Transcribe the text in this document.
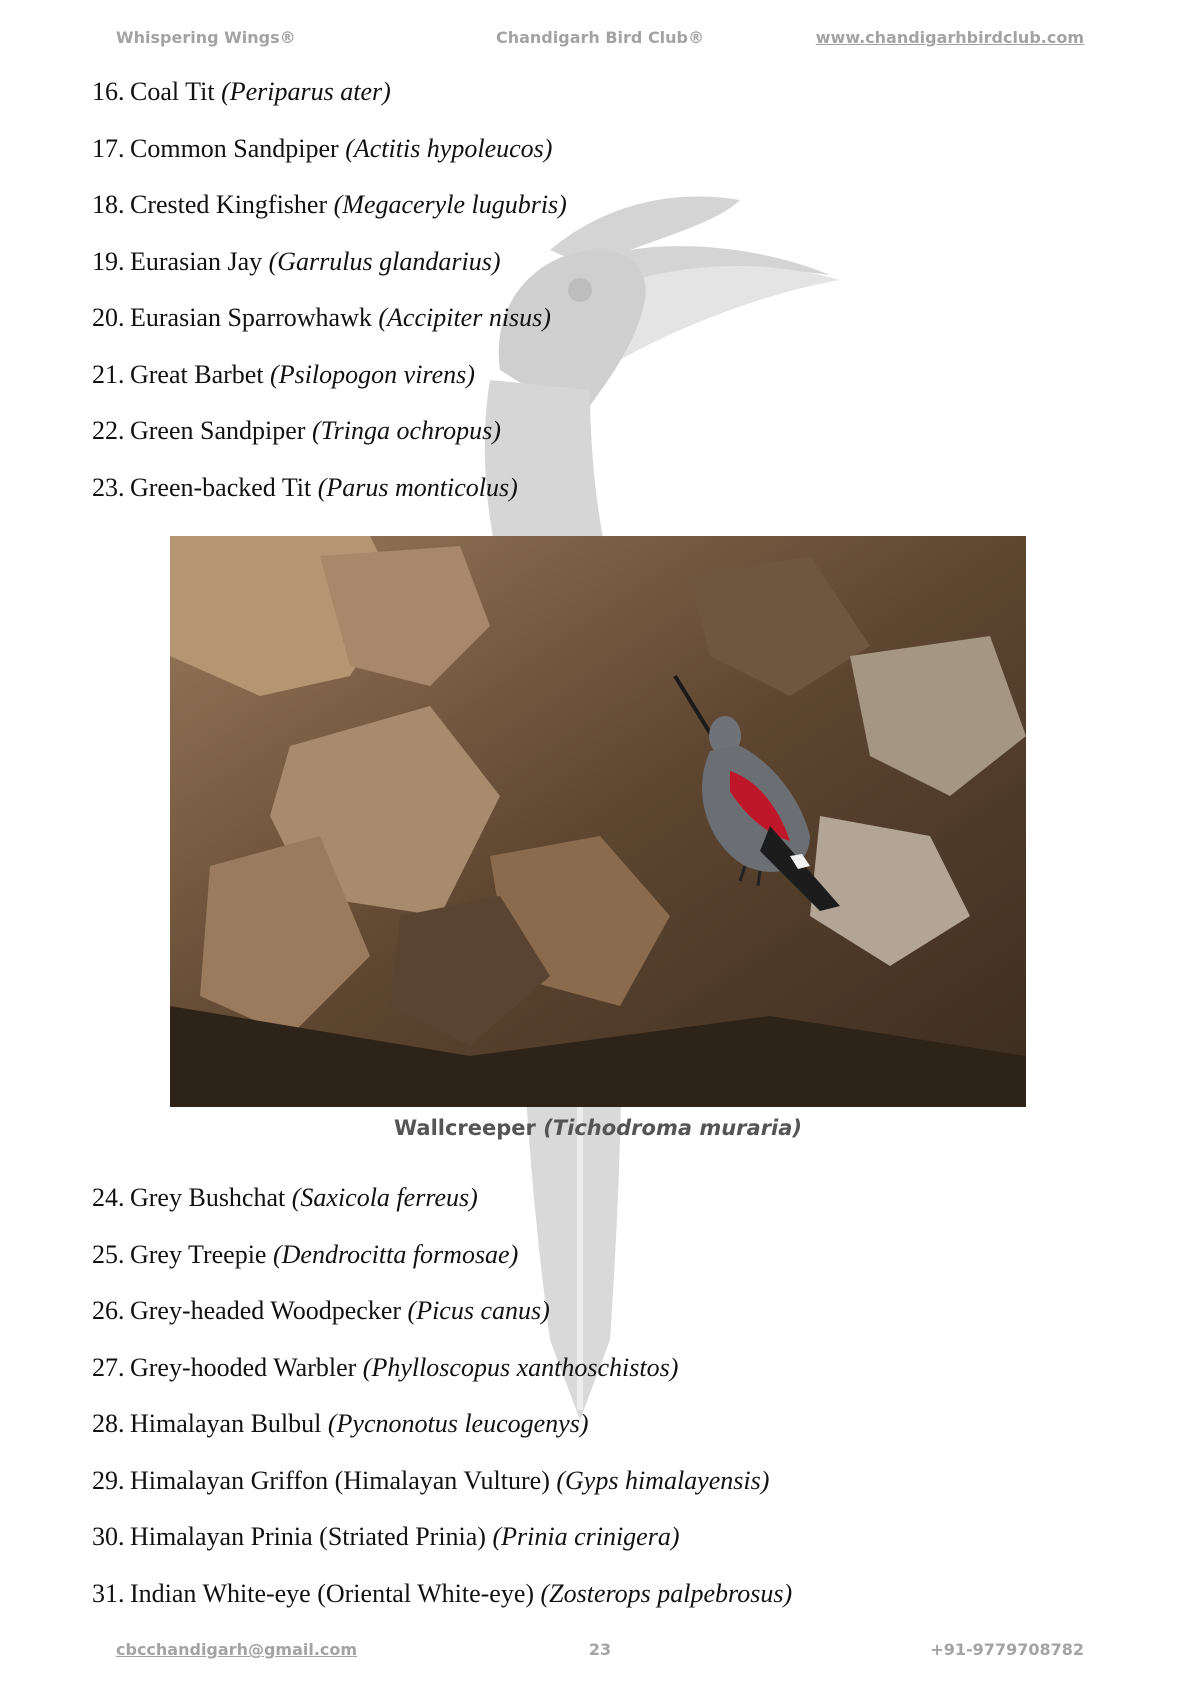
Whispering Wings®	Chandigarh Bird Club®	www.chandigarhbirdclub.com
16. Coal Tit
(Periparus ater)
17. Common Sandpiper
(Actitis hypoleucos)
18. Crested Kingfisher
(Megaceryle lugubris)
19. Eurasian Jay
(Garrulus glandarius)
20. Eurasian Sparrowhawk
(Accipiter nisus)
21. Great Barbet
(Psilopogon virens)
22. Green Sandpiper
(Tringa ochropus)
23. Green-backed Tit
(Parus monticolus)
Wallcreeper (Tichodroma muraria)
24. Grey Bushchat
(Saxicola ferreus)
25. Grey Treepie
(Dendrocitta formosae)
26. Grey-headed Woodpecker
(Picus canus)
27. Grey-hooded Warbler
(Phylloscopus xanthoschistos)
28. Himalayan Bulbul
(Pycnonotus leucogenys)
29. Himalayan Griffon (Himalayan Vulture)
(Gyps himalayensis)
30. Himalayan Prinia (Striated Prinia)
(Prinia crinigera)
31. Indian White-eye (Oriental White-eye)
(Zosterops palpebrosus)
cbcchandigarh@gmail.com	23	+91-9779708782
